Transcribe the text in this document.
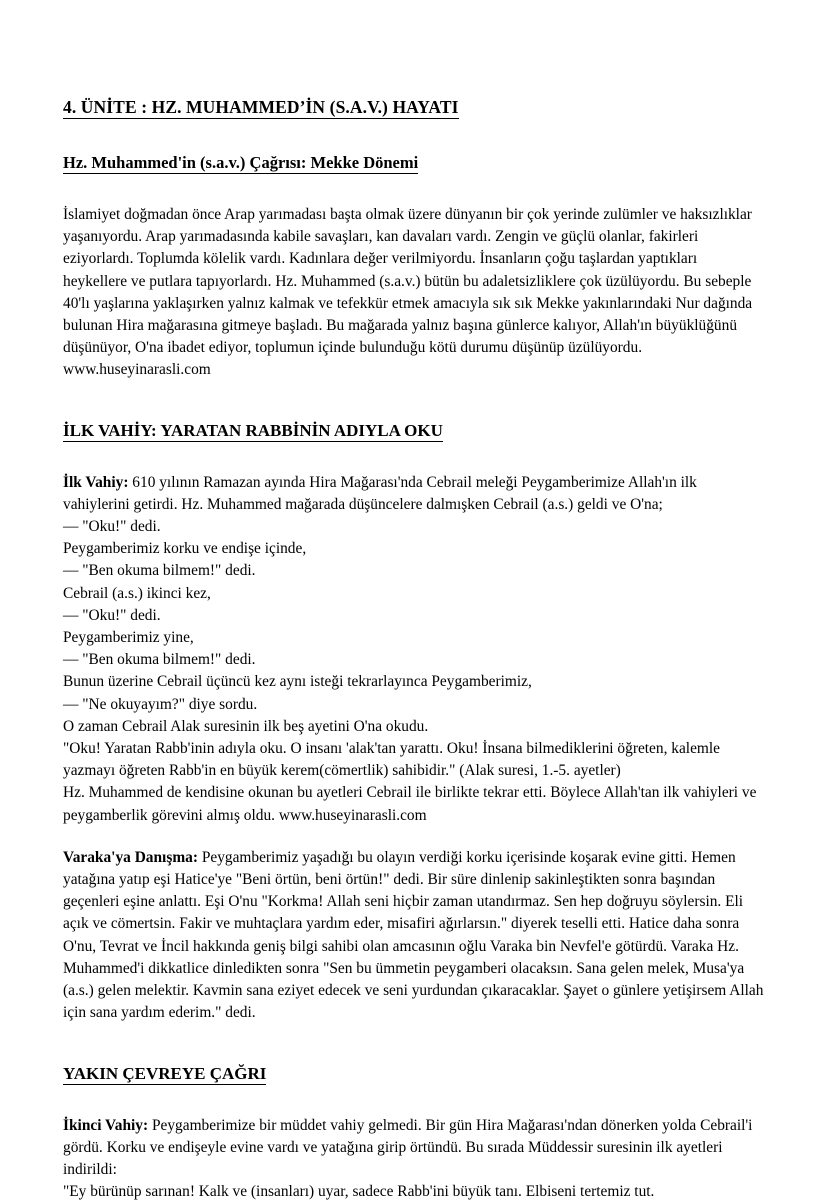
4. ÜNİTE : HZ. MUHAMMED’İN (S.A.V.) HAYATI
Hz. Muhammed'in (s.a.v.) Çağrısı: Mekke Dönemi

İslamiyet doğmadan önce Arap yarımadası başta olmak üzere dünyanın bir çok yerinde zulümler ve haksızlıklar yaşanıyordu. Arap yarımadasında kabile savaşları, kan davaları vardı. Zengin ve güçlü olanlar, fakirleri eziyorlardı. Toplumda kölelik vardı. Kadınlara değer verilmiyordu. İnsanların çoğu taşlardan yaptıkları heykellere ve putlara tapıyorlardı. Hz. Muhammed (s.a.v.) bütün bu adaletsizliklere çok üzülüyordu. Bu sebeple 40'lı yaşlarına yaklaşırken yalnız kalmak ve tefekkür etmek amacıyla sık sık Mekke yakınlarındaki Nur dağında bulunan Hira mağarasına gitmeye başladı. Bu mağarada yalnız başına günlerce kalıyor, Allah'ın büyüklüğünü düşünüyor, O'na ibadet ediyor, toplumun içinde bulunduğu kötü durumu düşünüp üzülüyordu.

www.huseyinarasli.com

İLK VAHİY: YARATAN RABBİNİN ADIYLA OKU

İlk Vahiy: 610 yılının Ramazan ayında Hira Mağarası'nda Cebrail meleği Peygamberimize Allah'ın ilk vahiylerini getirdi. Hz. Muhammed mağarada düşüncelere dalmışken Cebrail (a.s.) geldi ve O'na;

— "Oku!" dedi.
Peygamberimiz korku ve endişe içinde,
— "Ben okuma bilmem!" dedi.
Cebrail (a.s.) ikinci kez,
— "Oku!" dedi.
Peygamberimiz yine,
— "Ben okuma bilmem!" dedi.
Bunun üzerine Cebrail üçüncü kez aynı isteği tekrarlayınca Peygamberimiz,
— "Ne okuyayım?" diye sordu.
O zaman Cebrail Alak suresinin ilk beş ayetini O'na okudu.

"Oku! Yaratan Rabb'inin adıyla oku. O insanı 'alak'tan yarattı. Oku! İnsana bilmediklerini öğreten, kalemle yazmayı öğreten Rabb'in en büyük kerem(cömertlik) sahibidir." (Alak suresi, 1.-5. ayetler)

Hz. Muhammed de kendisine okunan bu ayetleri Cebrail ile birlikte tekrar etti. Böylece Allah'tan ilk vahiyleri ve peygamberlik görevini almış oldu. www.huseyinarasli.com

Varaka'ya Danışma: Peygamberimiz yaşadığı bu olayın verdiği korku içerisinde koşarak evine gitti. Hemen yatağına yatıp eşi Hatice'ye "Beni örtün, beni örtün!" dedi. Bir süre dinlenip sakinleştikten sonra başından geçenleri eşine anlattı. Eşi O'nu "Korkma! Allah seni hiçbir zaman utandırmaz. Sen hep doğruyu söylersin. Eli açık ve cömertsin. Fakir ve muhtaçlara yardım eder, misafiri ağırlarsın." diyerek teselli etti. Hatice daha sonra O'nu, Tevrat ve İncil hakkında geniş bilgi sahibi olan amcasının oğlu Varaka bin Nevfel'e götürdü. Varaka Hz. Muhammed'i dikkatlice dinledikten sonra "Sen bu ümmetin peygamberi olacaksın. Sana gelen melek, Musa'ya (a.s.) gelen melektir. Kavmin sana eziyet edecek ve seni yurdundan çıkaracaklar. Şayet o günlere yetişirsem Allah için sana yardım ederim." dedi.

YAKIN ÇEVREYE ÇAĞRI

İkinci Vahiy: Peygamberimize bir müddet vahiy gelmedi. Bir gün Hira Mağarası'ndan dönerken yolda Cebrail'i gördü. Korku ve endişeyle evine vardı ve yatağına girip örtündü. Bu sırada Müddessir suresinin ilk ayetleri indirildi:

"Ey bürünüp sarınan! Kalk ve (insanları) uyar, sadece Rabb'ini büyük tanı. Elbiseni tertemiz tut.
